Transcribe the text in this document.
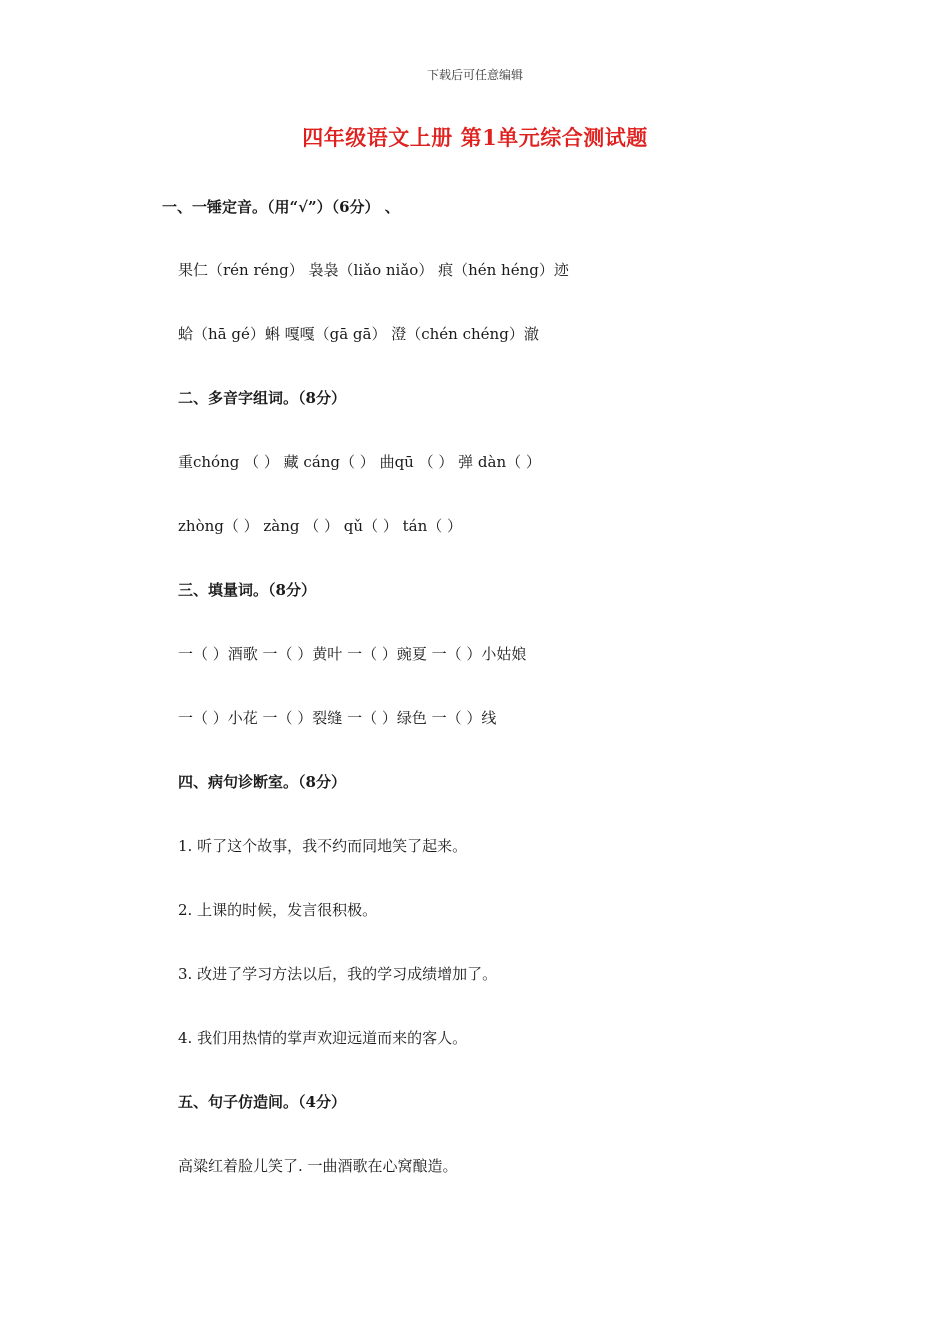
下载后可任意编辑
四年级语文上册 第1单元综合测试题
一、一锤定音。（用“√”）（6分） 、
果仁（rén réng） 袅袅（liǎo niǎo） 痕（hén héng）迹
蛤（hā gé）蝌 嘎嘎（gā gā） 澄（chén chéng）澈
二、多音字组词。（8分）
重chóng （ ） 藏 cáng（ ） 曲qū （ ） 弹 dàn（ ）
zhòng（ ） zàng （ ） qǔ（ ） tán（ ）
三、填量词。（8分）
一（ ）酒歌 一（ ）黄叶 一（ ）豌夏 一（ ）小姑娘
一（ ）小花 一（ ）裂缝 一（ ）绿色 一（ ）线
四、病句诊断室。（8分）
1. 听了这个故事，我不约而同地笑了起来。
2. 上课的时候，发言很积极。
3. 改进了学习方法以后，我的学习成绩增加了。
4. 我们用热情的掌声欢迎远道而来的客人。
五、句子仿造间。（4分）
高粱红着脸儿笑了. 一曲酒歌在心窝酿造。
